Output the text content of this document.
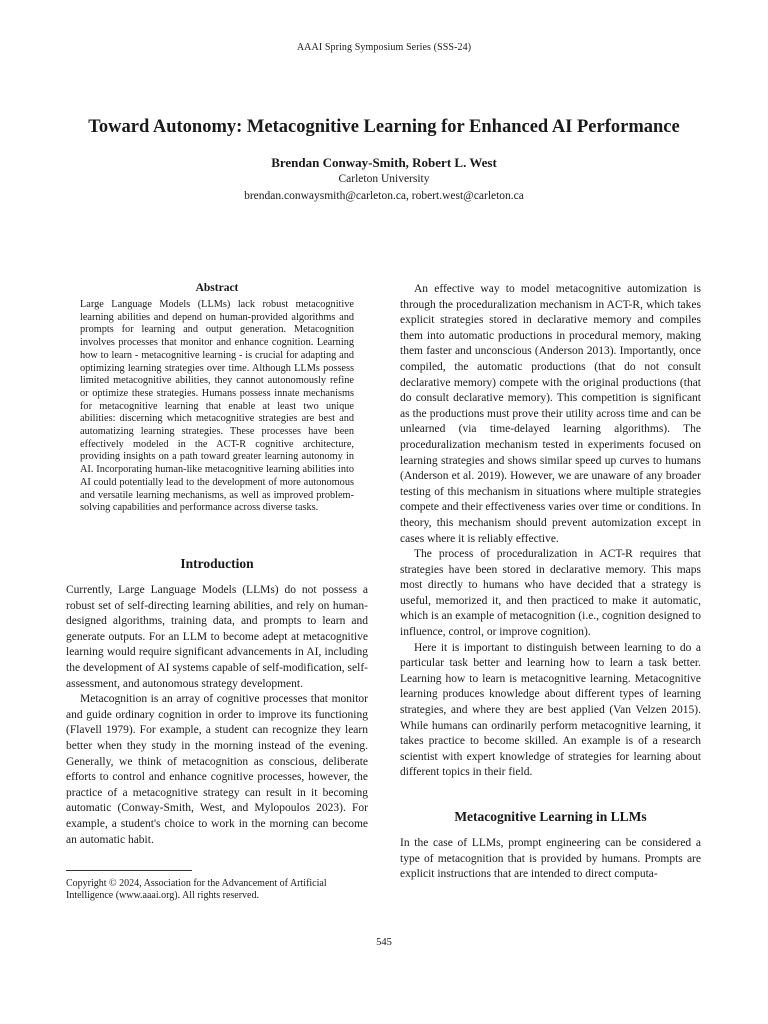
AAAI Spring Symposium Series (SSS-24)
Toward Autonomy: Metacognitive Learning for Enhanced AI Performance
Brendan Conway-Smith, Robert L. West
Carleton University
brendan.conwaysmith@carleton.ca, robert.west@carleton.ca
Abstract
Large Language Models (LLMs) lack robust metacognitive learning abilities and depend on human-provided algorithms and prompts for learning and output generation. Metacognition involves processes that monitor and enhance cognition. Learning how to learn - metacognitive learning - is crucial for adapting and optimizing learning strategies over time. Although LLMs possess limited metacognitive abilities, they cannot autonomously refine or optimize these strategies. Humans possess innate mechanisms for metacognitive learning that enable at least two unique abilities: discerning which metacognitive strategies are best and automatizing learning strategies. These processes have been effectively modeled in the ACT-R cognitive architecture, providing insights on a path toward greater learning autonomy in AI. Incorporating human-like metacognitive learning abilities into AI could potentially lead to the development of more autonomous and versatile learning mechanisms, as well as improved problem-solving capabilities and performance across diverse tasks.
Introduction

Currently, Large Language Models (LLMs) do not possess a robust set of self-directing learning abilities, and rely on human-designed algorithms, training data, and prompts to learn and generate outputs. For an LLM to become adept at metacognitive learning would require significant advancements in AI, including the development of AI systems capable of self-modification, self-assessment, and autonomous strategy development.

Metacognition is an array of cognitive processes that monitor and guide ordinary cognition in order to improve its functioning (Flavell 1979). For example, a student can recognize they learn better when they study in the morning instead of the evening. Generally, we think of metacognition as conscious, deliberate efforts to control and enhance cognitive processes, however, the practice of a metacognitive strategy can result in it becoming automatic (Conway-Smith, West, and Mylopoulos 2023). For example, a student's choice to work in the morning can become an automatic habit.

Copyright © 2024, Association for the Advancement of Artificial Intelligence (www.aaai.org). All rights reserved.

An effective way to model metacognitive automization is through the proceduralization mechanism in ACT-R, which takes explicit strategies stored in declarative memory and compiles them into automatic productions in procedural memory, making them faster and unconscious (Anderson 2013). Importantly, once compiled, the automatic productions (that do not consult declarative memory) compete with the original productions (that do consult declarative memory). This competition is significant as the productions must prove their utility across time and can be unlearned (via time-delayed learning algorithms). The proceduralization mechanism tested in experiments focused on learning strategies and shows similar speed up curves to humans (Anderson et al. 2019). However, we are unaware of any broader testing of this mechanism in situations where multiple strategies compete and their effectiveness varies over time or conditions. In theory, this mechanism should prevent automization except in cases where it is reliably effective.

The process of proceduralization in ACT-R requires that strategies have been stored in declarative memory. This maps most directly to humans who have decided that a strategy is useful, memorized it, and then practiced to make it automatic, which is an example of metacognition (i.e., cognition designed to influence, control, or improve cognition).

Here it is important to distinguish between learning to do a particular task better and learning how to learn a task better. Learning how to learn is metacognitive learning. Metacognitive learning produces knowledge about different types of learning strategies, and where they are best applied (Van Velzen 2015). While humans can ordinarily perform metacognitive learning, it takes practice to become skilled. An example is of a research scientist with expert knowledge of strategies for learning about different topics in their field.

Metacognitive Learning in LLMs

In the case of LLMs, prompt engineering can be considered a type of metacognition that is provided by humans. Prompts are explicit instructions that are intended to direct computa-

545
